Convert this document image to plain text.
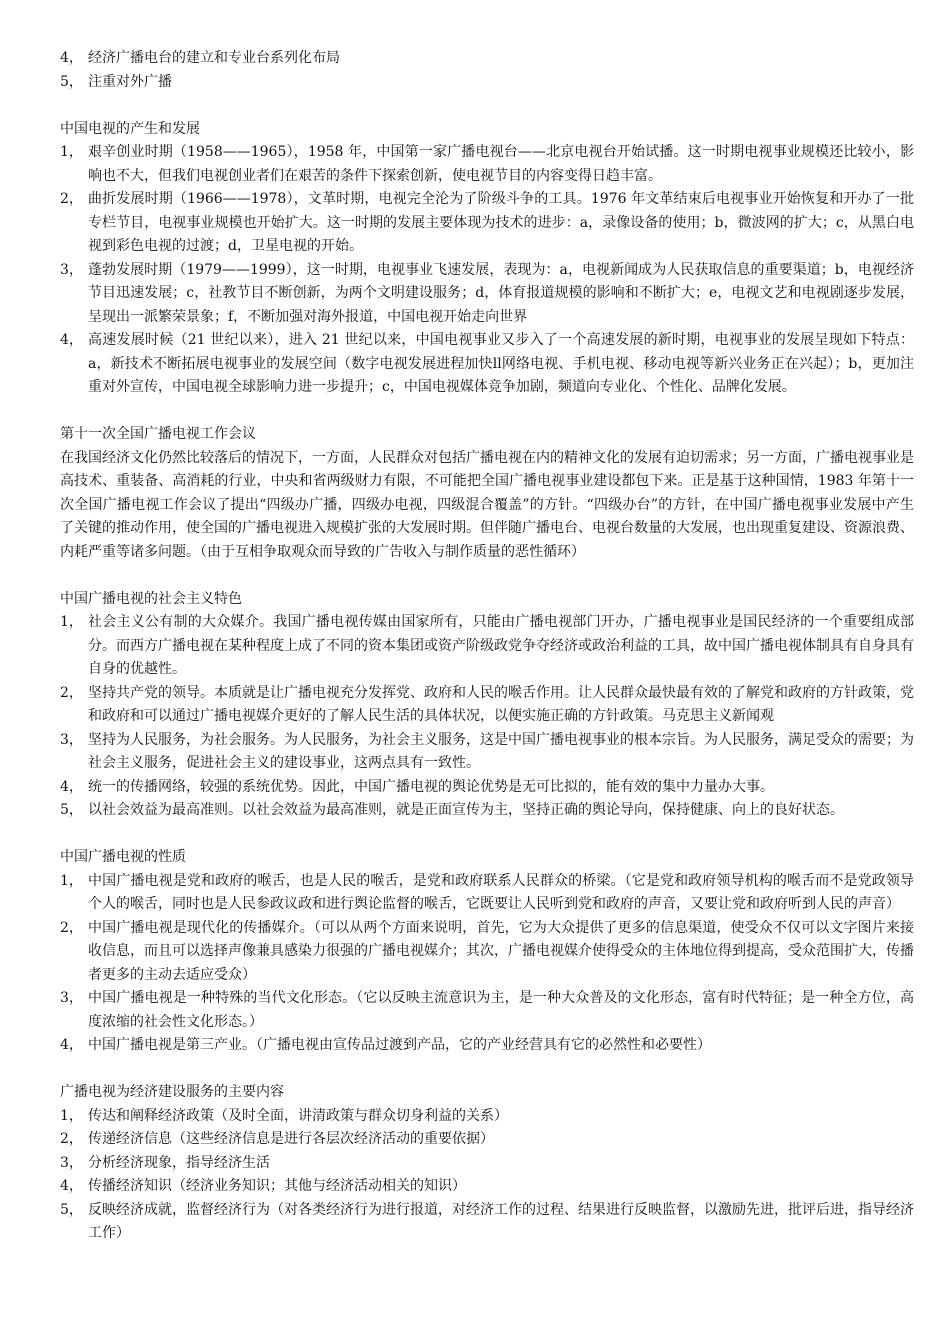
4， 经济广播电台的建立和专业台系列化布局
5， 注重对外广播
中国电视的产生和发展
1， 艰辛创业时期（1958——1965），1958 年，中国第一家广播电视台——北京电视台开始试播。这一时期电视事业规模还比较小，影响也不大，但我们电视创业者们在艰苦的条件下探索创新，使电视节目的内容变得日趋丰富。
2， 曲折发展时期（1966——1978），文革时期，电视完全沦为了阶级斗争的工具。1976 年文革结束后电视事业开始恢复和开办了一批专栏节目，电视事业规模也开始扩大。这一时期的发展主要体现为技术的进步：a，录像设备的使用；b，微波网的扩大；c，从黑白电视到彩色电视的过渡；d，卫星电视的开始。
3， 蓬勃发展时期（1979——1999），这一时期，电视事业飞速发展，表现为：a，电视新闻成为人民获取信息的重要渠道；b，电视经济节目迅速发展；c，社教节目不断创新，为两个文明建设服务；d，体育报道规模的影响和不断扩大；e，电视文艺和电视剧逐步发展，呈现出一派繁荣景象；f，不断加强对海外报道，中国电视开始走向世界
4， 高速发展时候（21 世纪以来），进入 21 世纪以来，中国电视事业又步入了一个高速发展的新时期，电视事业的发展呈现如下特点：a，新技术不断拓展电视事业的发展空间（数字电视发展进程加快ll网络电视、手机电视、移动电视等新兴业务正在兴起）；b，更加注重对外宣传，中国电视全球影响力进一步提升；c，中国电视媒体竞争加剧，频道向专业化、个性化、品牌化发展。
第十一次全国广播电视工作会议
在我国经济文化仍然比较落后的情况下，一方面，人民群众对包括广播电视在内的精神文化的发展有迫切需求；另一方面，广播电视事业是高技术、重装备、高消耗的行业，中央和省两级财力有限，不可能把全国广播电视事业建设都包下来。正是基于这种国情，1983 年第十一次全国广播电视工作会议了提出“四级办广播，四级办电视，四级混合覆盖”的方针。“四级办台”的方针，在中国广播电视事业发展中产生了关键的推动作用，使全国的广播电视进入规模扩张的大发展时期。但伴随广播电台、电视台数量的大发展，也出现重复建设、资源浪费、内耗严重等诸多问题。（由于互相争取观众而导致的广告收入与制作质量的恶性循环）
中国广播电视的社会主义特色
1， 社会主义公有制的大众媒介。我国广播电视传媒由国家所有，只能由广播电视部门开办，广播电视事业是国民经济的一个重要组成部分。而西方广播电视在某种程度上成了不同的资本集团或资产阶级政党争夺经济或政治利益的工具，故中国广播电视体制具有自身具有自身的优越性。
2， 坚持共产党的领导。本质就是让广播电视充分发挥党、政府和人民的喉舌作用。让人民群众最快最有效的了解党和政府的方针政策，党和政府和可以通过广播电视媒介更好的了解人民生活的具体状况，以便实施正确的方针政策。马克思主义新闻观
3， 坚持为人民服务，为社会服务。为人民服务，为社会主义服务，这是中国广播电视事业的根本宗旨。为人民服务，满足受众的需要；为社会主义服务，促进社会主义的建设事业，这两点具有一致性。
4， 统一的传播网络，较强的系统优势。因此，中国广播电视的舆论优势是无可比拟的，能有效的集中力量办大事。
5， 以社会效益为最高准则。以社会效益为最高准则，就是正面宣传为主，坚持正确的舆论导向，保持健康、向上的良好状态。
中国广播电视的性质
1， 中国广播电视是党和政府的喉舌，也是人民的喉舌，是党和政府联系人民群众的桥梁。（它是党和政府领导机构的喉舌而不是党政领导个人的喉舌，同时也是人民参政议政和进行舆论监督的喉舌，它既要让人民听到党和政府的声音，又要让党和政府听到人民的声音）
2， 中国广播电视是现代化的传播媒介。（可以从两个方面来说明，首先，它为大众提供了更多的信息渠道，使受众不仅可以文字图片来接收信息，而且可以选择声像兼具感染力很强的广播电视媒介；其次，广播电视媒介使得受众的主体地位得到提高，受众范围扩大，传播者更多的主动去适应受众）
3， 中国广播电视是一种特殊的当代文化形态。（它以反映主流意识为主，是一种大众普及的文化形态，富有时代特征；是一种全方位，高度浓缩的社会性文化形态。）
4， 中国广播电视是第三产业。（广播电视由宣传品过渡到产品，它的产业经营具有它的必然性和必要性）
广播电视为经济建设服务的主要内容
1， 传达和阐释经济政策（及时全面，讲清政策与群众切身利益的关系）
2， 传递经济信息（这些经济信息是进行各层次经济活动的重要依据）
3， 分析经济现象，指导经济生活
4， 传播经济知识（经济业务知识；其他与经济活动相关的知识）
5， 反映经济成就，监督经济行为（对各类经济行为进行报道，对经济工作的过程、结果进行反映监督，以激励先进，批评后进，指导经济工作）
